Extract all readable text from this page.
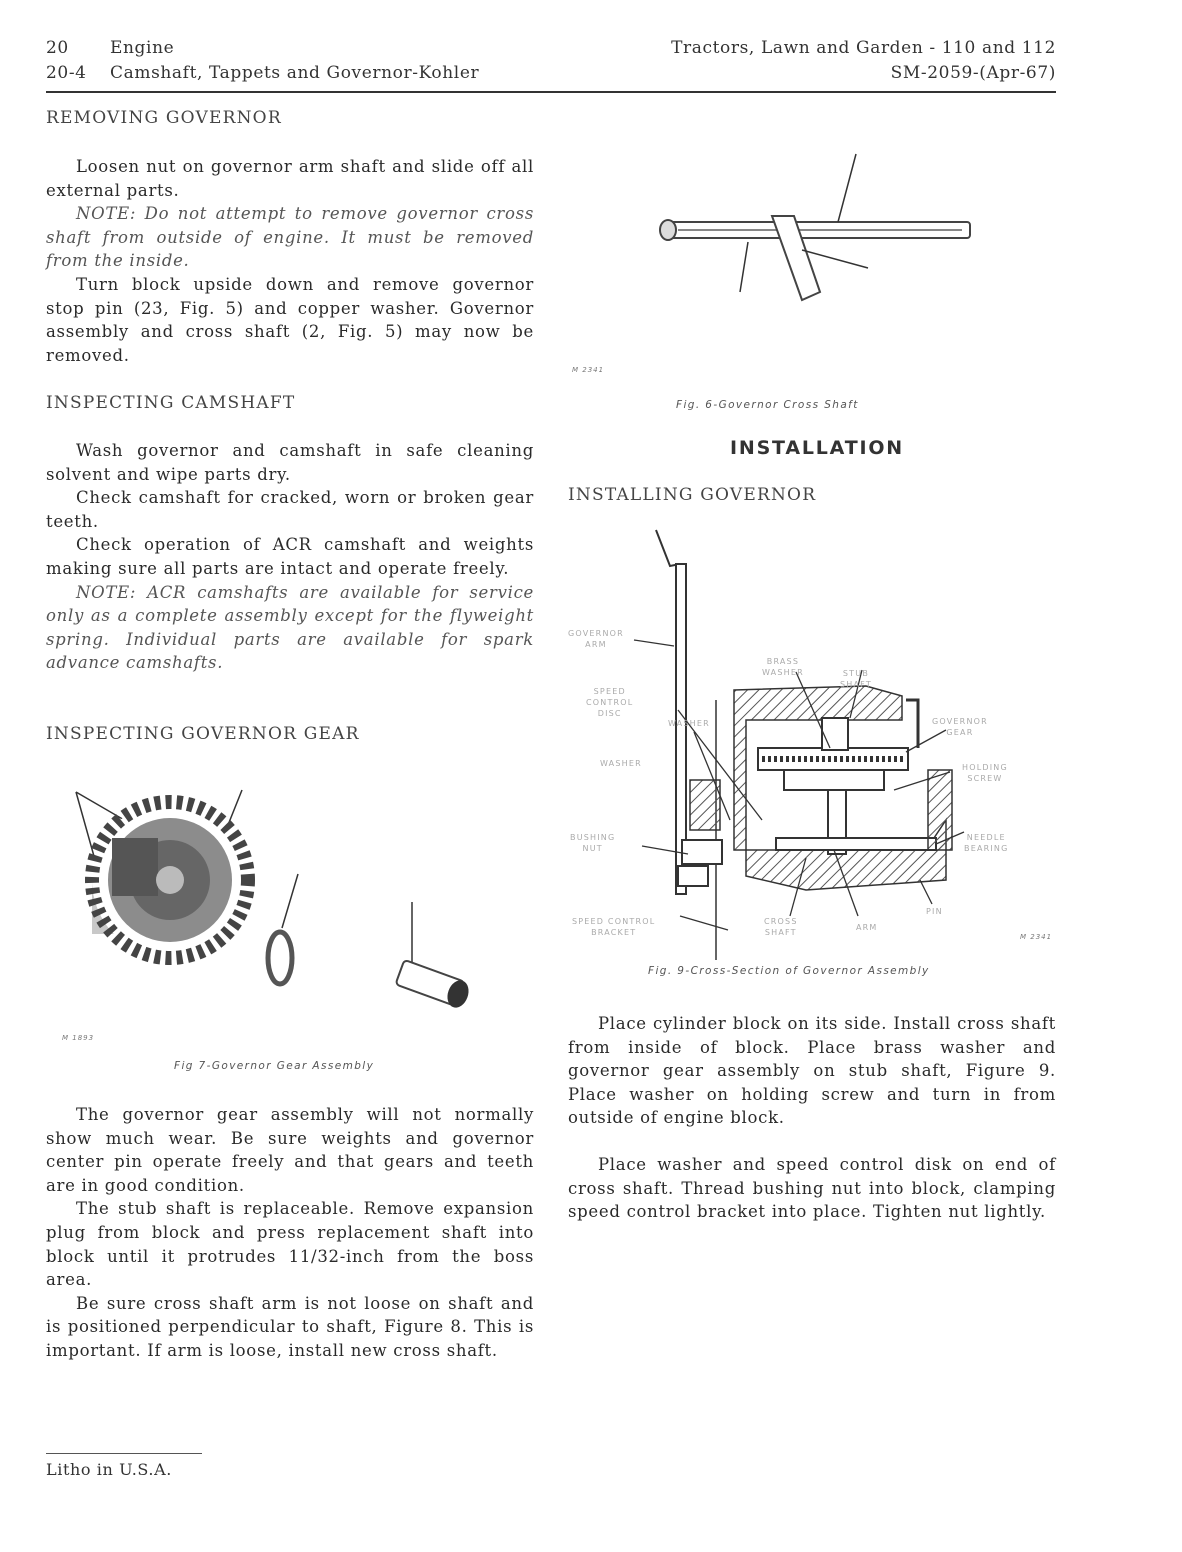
20 Engine
20-4 Camshaft, Tappets and Governor-Kohler
Tractors, Lawn and Garden - 110 and 112
SM-2059-(Apr-67)
REMOVING GOVERNOR

Loosen nut on governor arm shaft and slide off all external parts.

NOTE: Do not attempt to remove governor cross shaft from outside of engine. It must be removed from the inside.

Turn block upside down and remove governor stop pin (23, Fig. 5) and copper washer. Governor assembly and cross shaft (2, Fig. 5) may now be removed.

INSPECTING CAMSHAFT

Wash governor and camshaft in safe cleaning solvent and wipe parts dry.

Check camshaft for cracked, worn or broken gear teeth.

Check operation of ACR camshaft and weights making sure all parts are intact and operate freely.

NOTE: ACR camshafts are available for service only as a complete assembly except for the flyweight spring. Individual parts are available for spark advance camshafts.

INSPECTING GOVERNOR GEAR
M 1893
Fig 7-Governor Gear Assembly

The governor gear assembly will not normally show much wear. Be sure weights and governor center pin operate freely and that gears and teeth are in good condition.

The stub shaft is replaceable. Remove expansion plug from block and press replacement shaft into block until it protrudes 11/32-inch from the boss area.

Be sure cross shaft arm is not loose on shaft and is positioned perpendicular to shaft, Figure 8. This is important. If arm is loose, install new cross shaft.

Litho in U.S.A.
M 2341
Fig. 6-Governor Cross Shaft
INSTALLATION
INSTALLING GOVERNOR
GOVERNOR
ARM
BRASS
WASHER	STUB
SHAFT
SPEED
CONTROL
DISC
WASHER
WASHER
GOVERNOR
GEAR
HOLDING
SCREW
BUSHING
NUT
NEEDLE
BEARING
SPEED CONTROL
BRACKET
CROSS
SHAFT
ARM
PIN
M 2341
Fig. 9-Cross-Section of Governor Assembly

Place cylinder block on its side. Install cross shaft from inside of block. Place brass washer and governor gear assembly on stub shaft, Figure 9. Place washer on holding screw and turn in from outside of engine block.

Place washer and speed control disk on end of cross shaft. Thread bushing nut into block, clamping speed control bracket into place. Tighten nut lightly.
